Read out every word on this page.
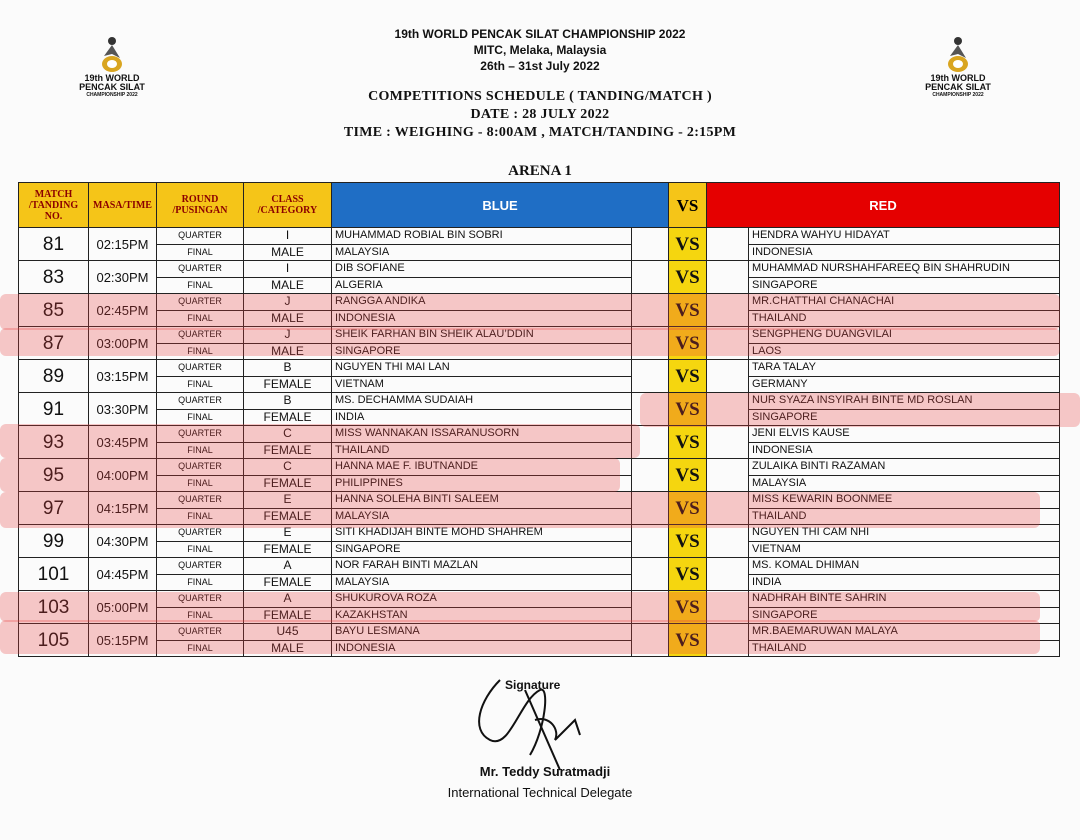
19th WORLD
PENCAK SILAT
CHAMPIONSHIP 2022
19th WORLD
PENCAK SILAT
CHAMPIONSHIP 2022
19th WORLD PENCAK SILAT CHAMPIONSHIP 2022
MITC, Melaka, Malaysia
26th – 31st July 2022
COMPETITIONS SCHEDULE ( TANDING/MATCH )
DATE : 28 JULY 2022
TIME : WEIGHING - 8:00AM , MATCH/TANDING - 2:15PM
ARENA 1
MATCH /TANDING NO.	MASA/TIME	ROUND /PUSINGAN	CLASS /CATEGORY	BLUE		VS	RED	
81	02:15PM	QUARTER	I	MUHAMMAD ROBIAL BIN SOBRI		VS		HENDRA WAHYU HIDAYAT
		FINAL	MALE	MALAYSIA				INDONESIA
83	02:30PM	QUARTER	I	DIB SOFIANE		VS		MUHAMMAD NURSHAHFAREEQ BIN SHAHRUDIN
		FINAL	MALE	ALGERIA				SINGAPORE
85	02:45PM	QUARTER	J	RANGGA ANDIKA		VS		MR.CHATTHAI CHANACHAI
		FINAL	MALE	INDONESIA				THAILAND
87	03:00PM	QUARTER	J	SHEIK FARHAN BIN SHEIK ALAU’DDIN		VS		SENGPHENG DUANGVILAI
		FINAL	MALE	SINGAPORE				LAOS
89	03:15PM	QUARTER	B	NGUYEN THI MAI LAN		VS		TARA TALAY
		FINAL	FEMALE	VIETNAM				GERMANY
91	03:30PM	QUARTER	B	MS. DECHAMMA SUDAIAH		VS		NUR SYAZA INSYIRAH BINTE MD ROSLAN
		FINAL	FEMALE	INDIA				SINGAPORE
93	03:45PM	QUARTER	C	MISS WANNAKAN ISSARANUSORN		VS		JENI ELVIS KAUSE
		FINAL	FEMALE	THAILAND				INDONESIA
95	04:00PM	QUARTER	C	HANNA MAE F. IBUTNANDE		VS		ZULAIKA BINTI RAZAMAN
		FINAL	FEMALE	PHILIPPINES				MALAYSIA
97	04:15PM	QUARTER	E	HANNA SOLEHA BINTI SALEEM		VS		MISS KEWARIN BOONMEE
		FINAL	FEMALE	MALAYSIA				THAILAND
99	04:30PM	QUARTER	E	SITI KHADIJAH BINTE MOHD SHAHREM		VS		NGUYEN THI CAM NHI
		FINAL	FEMALE	SINGAPORE				VIETNAM
101	04:45PM	QUARTER	A	NOR FARAH BINTI MAZLAN		VS		MS. KOMAL DHIMAN
		FINAL	FEMALE	MALAYSIA				INDIA
103	05:00PM	QUARTER	A	SHUKUROVA ROZA		VS		NADHRAH BINTE SAHRIN
		FINAL	FEMALE	KAZAKHSTAN				SINGAPORE
105	05:15PM	QUARTER	U45	BAYU LESMANA		VS		MR.BAEMARUWAN MALAYA
		FINAL	MALE	INDONESIA				THAILAND
Signature
Mr. Teddy Suratmadji
International Technical Delegate
